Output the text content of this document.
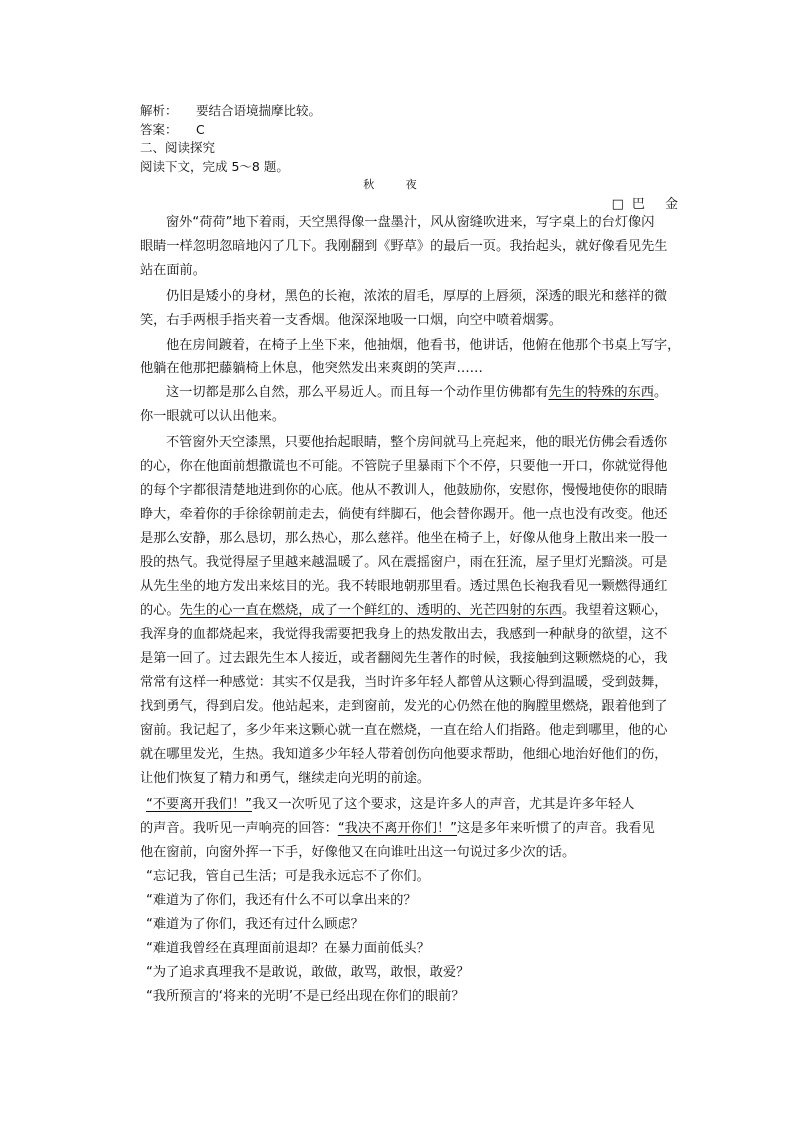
解析： 要结合语境揣摩比较。
答案： C
二、阅读探究
阅读下文，完成 5～8 题。
秋 夜
□巴 金
窗外“荷荷”地下着雨，天空黑得像一盘墨汁，风从窗缝吹进来，写字桌上的台灯像闪
眼睛一样忽明忽暗地闪了几下。我刚翻到《野草》的最后一页。我抬起头，就好像看见先生
站在面前。
仍旧是矮小的身材，黑色的长袍，浓浓的眉毛，厚厚的上唇须，深透的眼光和慈祥的微
笑，右手两根手指夹着一支香烟。他深深地吸一口烟，向空中喷着烟雾。
他在房间踱着，在椅子上坐下来，他抽烟，他看书，他讲话，他俯在他那个书桌上写字，
他躺在他那把藤躺椅上休息，他突然发出来爽朗的笑声……
这一切都是那么自然，那么平易近人。而且每一个动作里仿佛都有先生的特殊的东西。
你一眼就可以认出他来。
不管窗外天空漆黑，只要他抬起眼睛，整个房间就马上亮起来，他的眼光仿佛会看透你
的心，你在他面前想撒谎也不可能。不管院子里暴雨下个不停，只要他一开口，你就觉得他
的每个字都很清楚地进到你的心底。他从不教训人，他鼓励你，安慰你，慢慢地使你的眼睛
睁大，牵着你的手徐徐朝前走去，倘使有绊脚石，他会替你踢开。他一点也没有改变。他还
是那么安静，那么恳切，那么热心，那么慈祥。他坐在椅子上，好像从他身上散出来一股一
股的热气。我觉得屋子里越来越温暖了。风在震摇窗户，雨在狂流，屋子里灯光黯淡。可是
从先生坐的地方发出来炫目的光。我不转眼地朝那里看。透过黑色长袍我看见一颗燃得通红
的心。先生的心一直在燃烧，成了一个鲜红的、透明的、光芒四射的东西。我望着这颗心，
我浑身的血都烧起来，我觉得我需要把我身上的热发散出去，我感到一种献身的欲望，这不
是第一回了。过去跟先生本人接近，或者翻阅先生著作的时候，我接触到这颗燃烧的心，我
常常有这样一种感觉：其实不仅是我，当时许多年轻人都曾从这颗心得到温暖，受到鼓舞，
找到勇气，得到启发。他站起来，走到窗前，发光的心仍然在他的胸膛里燃烧，跟着他到了
窗前。我记起了，多少年来这颗心就一直在燃烧，一直在给人们指路。他走到哪里，他的心
就在哪里发光，生热。我知道多少年轻人带着创伤向他要求帮助，他细心地治好他们的伤，
让他们恢复了精力和勇气，继续走向光明的前途。
“不要离开我们！”我又一次听见了这个要求，这是许多人的声音，尤其是许多年轻人
的声音。我听见一声响亮的回答：“我决不离开你们！”这是多年来听惯了的声音。我看见
他在窗前，向窗外挥一下手，好像他又在向谁吐出这一句说过多少次的话。
“忘记我，管自己生活；可是我永远忘不了你们。
“难道为了你们，我还有什么不可以拿出来的？
“难道为了你们，我还有过什么顾虑？
“难道我曾经在真理面前退却？在暴力面前低头？
“为了追求真理我不是敢说，敢做，敢骂，敢恨，敢爱？
“我所预言的‘将来的光明’不是已经出现在你们的眼前？
